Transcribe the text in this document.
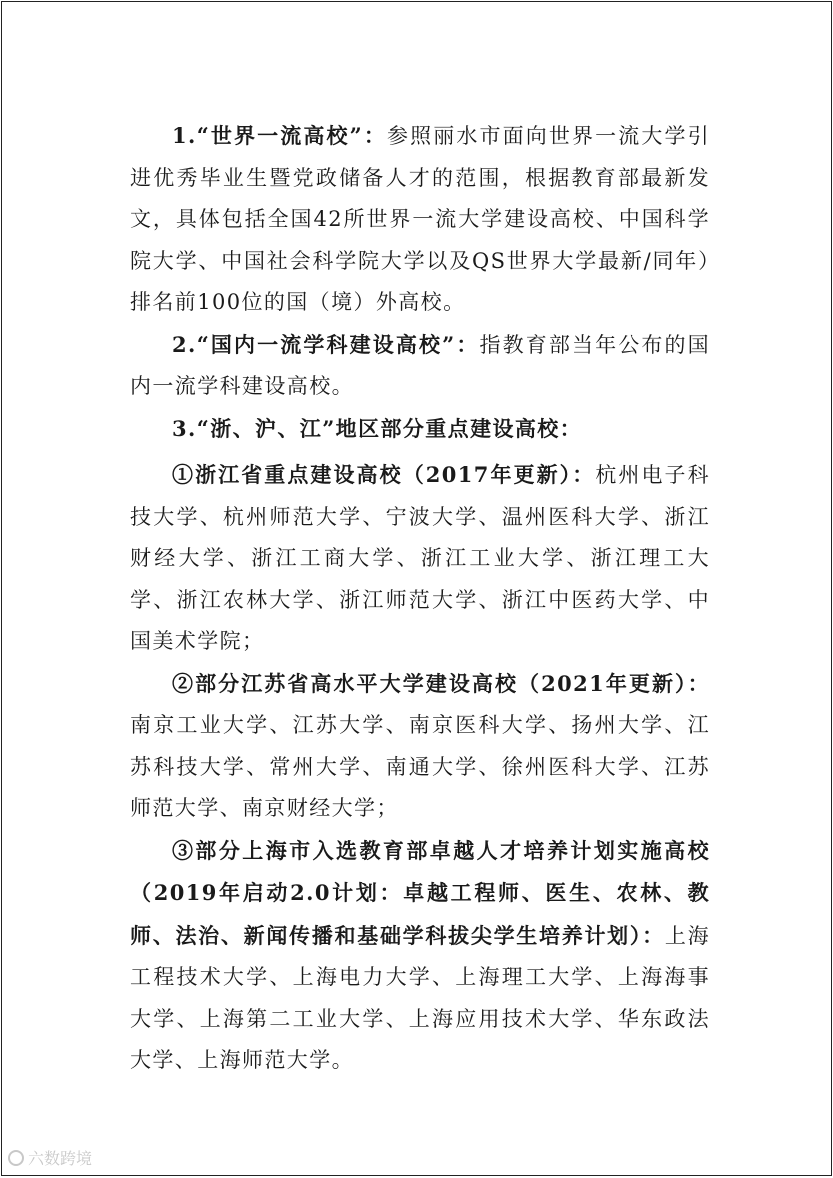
1.“世界一流高校”：参照丽水市面向世界一流大学引进优秀毕业生暨党政储备人才的范围，根据教育部最新发文，具体包括全国42所世界一流大学建设高校、中国科学院大学、中国社会科学院大学以及QS世界大学最新/同年）排名前100位的国（境）外高校。

2.“国内一流学科建设高校”：指教育部当年公布的国内一流学科建设高校。

3.“浙、沪、江”地区部分重点建设高校：

①浙江省重点建设高校（2017年更新）：杭州电子科技大学、杭州师范大学、宁波大学、温州医科大学、浙江财经大学、浙江工商大学、浙江工业大学、浙江理工大学、浙江农林大学、浙江师范大学、浙江中医药大学、中国美术学院；

②部分江苏省高水平大学建设高校（2021年更新）：南京工业大学、江苏大学、南京医科大学、扬州大学、江苏科技大学、常州大学、南通大学、徐州医科大学、江苏师范大学、南京财经大学；

③部分上海市入选教育部卓越人才培养计划实施高校（2019年启动2.0计划：卓越工程师、医生、农林、教师、法治、新闻传播和基础学科拔尖学生培养计划）：上海工程技术大学、上海电力大学、上海理工大学、上海海事大学、上海第二工业大学、上海应用技术大学、华东政法大学、上海师范大学。

六数跨境
